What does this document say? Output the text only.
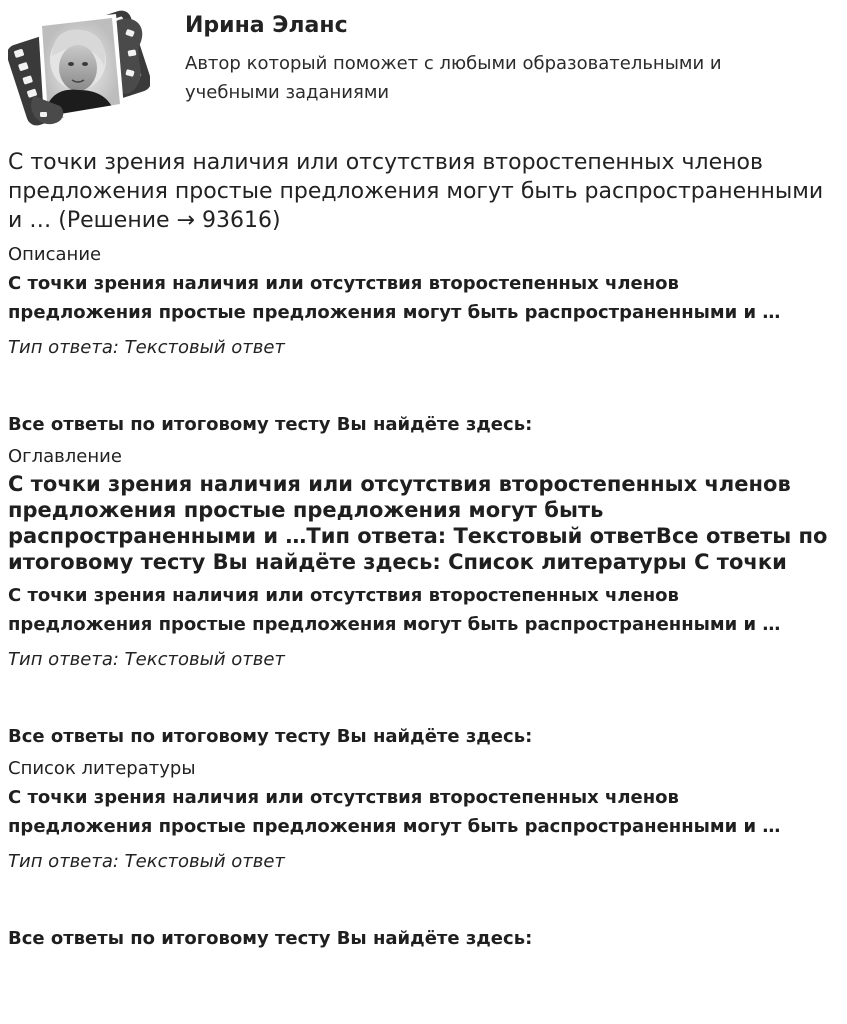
Ирина Эланс
Автор который поможет с любыми образовательными и учебными заданиями
С точки зрения наличия или отсутствия второстепенных членов предложения простые предложения могут быть распространенными и … (Решение → 93616)
Описание
С точки зрения наличия или отсутствия второстепенных членов
предложения простые предложения могут быть распространенными и …
Тип ответа: Текстовый ответ
Все ответы по итоговому тесту Вы найдёте здесь:
Оглавление
С точки зрения наличия или отсутствия второстепенных членов предложения простые предложения могут быть распространенными и …Тип ответа: Текстовый ответВсе ответы по итоговому тесту Вы найдёте здесь: Список литературы С точки
С точки зрения наличия или отсутствия второстепенных членов
предложения простые предложения могут быть распространенными и …
Тип ответа: Текстовый ответ
Все ответы по итоговому тесту Вы найдёте здесь:
Список литературы
С точки зрения наличия или отсутствия второстепенных членов
предложения простые предложения могут быть распространенными и …
Тип ответа: Текстовый ответ
Все ответы по итоговому тесту Вы найдёте здесь:
